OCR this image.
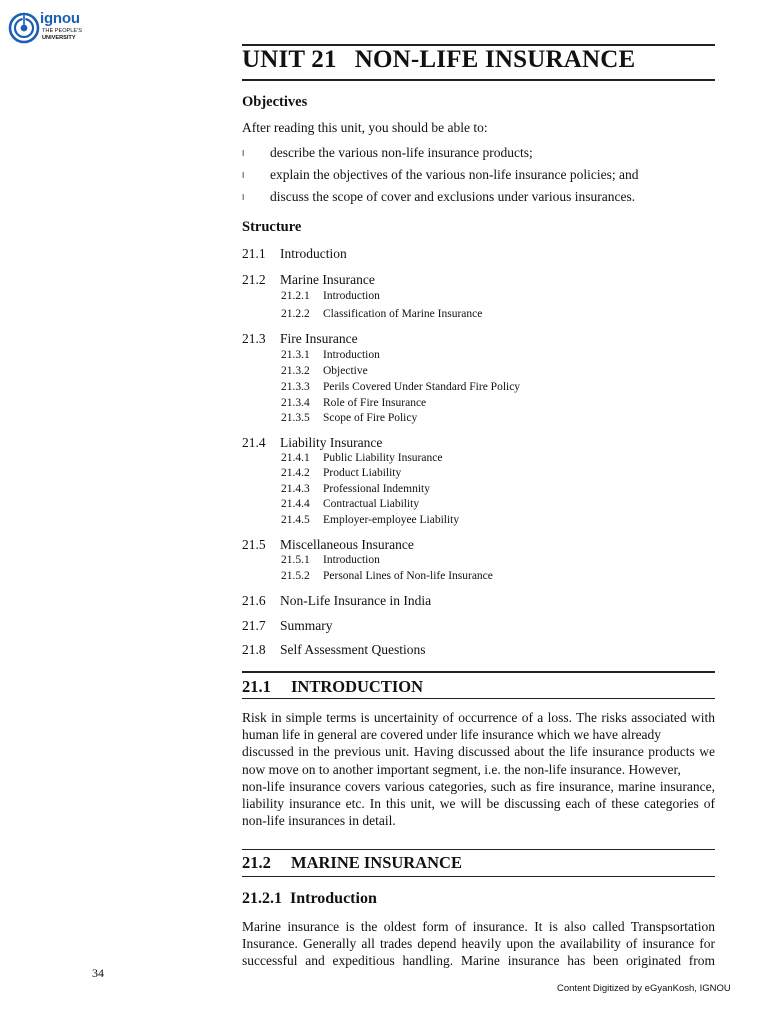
ignou
THE PEOPLE'S
UNIVERSITY
UNIT 21 NON-LIFE INSURANCE
Objectives
After reading this unit, you should be able to:
l describe the various non-life insurance products;
l explain the objectives of the various non-life insurance policies; and
l discuss the scope of cover and exclusions under various insurances.
Structure
21.1 Introduction
21.2 Marine Insurance
21.2.1 Introduction
21.2.2 Classification of Marine Insurance
21.3 Fire Insurance
21.3.1 Introduction
21.3.2 Objective
21.3.3 Perils Covered Under Standard Fire Policy
21.3.4 Role of Fire Insurance
21.3.5 Scope of Fire Policy
21.4 Liability Insurance
21.4.1 Public Liability Insurance
21.4.2 Product Liability
21.4.3 Professional Indemnity
21.4.4 Contractual Liability
21.4.5 Employer-employee Liability
21.5 Miscellaneous Insurance
21.5.1 Introduction
21.5.2 Personal Lines of Non-life Insurance
21.6 Non-Life Insurance in India
21.7 Summary
21.8 Self Assessment Questions
21.1 INTRODUCTION
Risk in simple terms is uncertainity of occurrence of a loss. The risks associated with
human life in general are covered under life insurance which we have already
discussed in the previous unit. Having discussed about the life insurance products we
now move on to another important segment, i.e. the non-life insurance. However,
non-life insurance covers various categories, such as fire insurance, marine insurance,
liability insurance etc. In this unit, we will be discussing each of these categories of
non-life insurances in detail.
21.2 MARINE INSURANCE
21.2.1 Introduction
Marine insurance is the oldest form of insurance. It is also called Transpsortation
Insurance. Generally all trades depend heavily upon the availability of insurance for
successful and expeditious handling. Marine insurance has been originated from
34
Content Digitized by eGyanKosh, IGNOU
